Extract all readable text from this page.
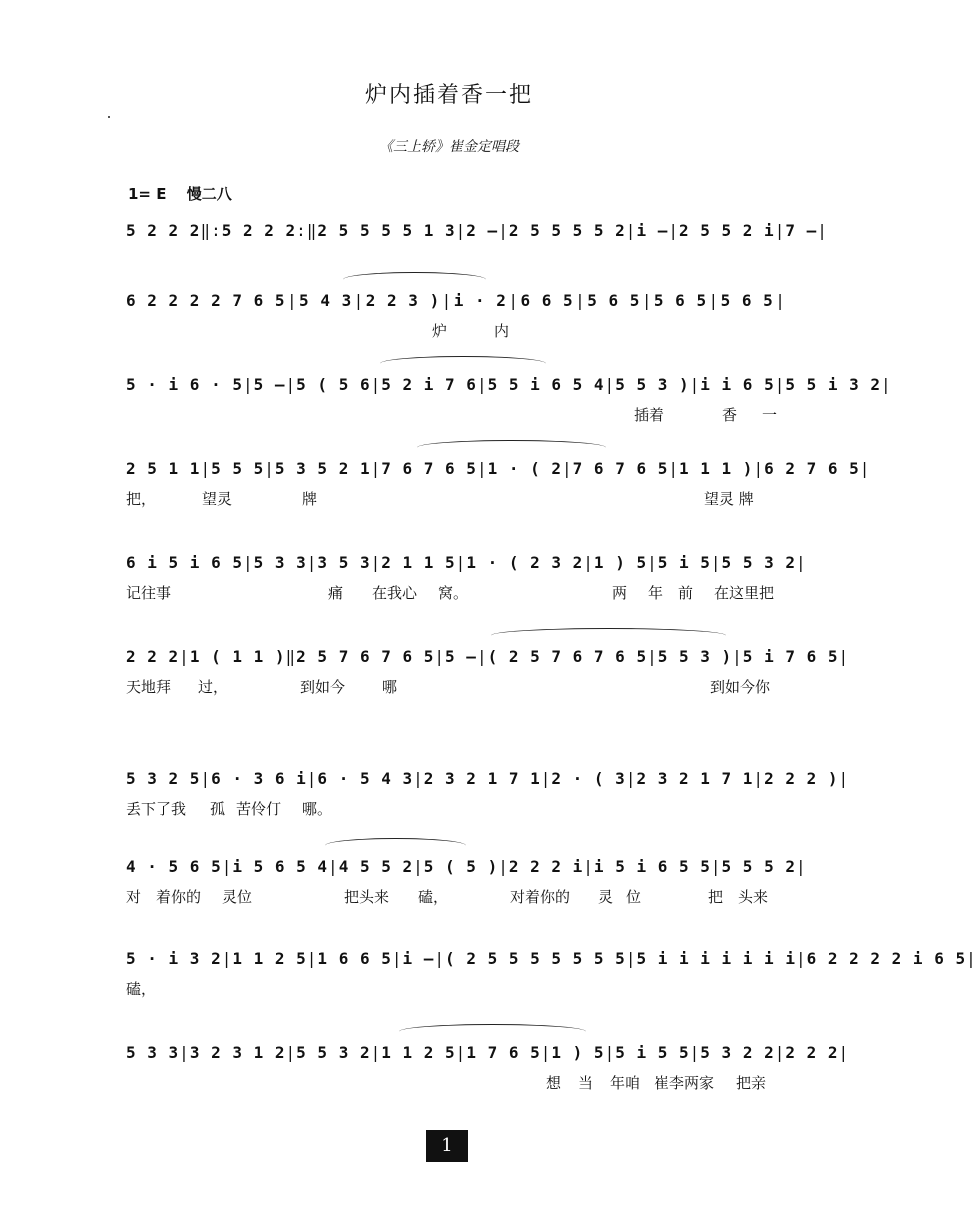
炉内插着香一把
《三上轿》崔金定唱段
1= E　 慢二八
5 2 2 2 ‖: 5 2 2 2 :‖ 2 5 5 5 5 1 3 | 2 — | 2 5 5 5 5 2 | i — | 2 5 5 2 i | 7 — |
6 2 2 2 2 7 6 5 | 5 4 3 | 2 2 3 ) | i · 2 | 6 6 5 | 5 6 5 | 5 6 5 | 5 6 5 |
炉	内
5 · i 6 · 5 | 5 — | 5 ( 5 6 | 5 2 i 7 6 | 5 5 i 6 5 4 | 5 5 3 ) | i i 6 5 | 5 5 i 3 2 |
插着	香 一
2 5 1 1 | 5 5 5 | 5 3 5 2 1 | 7 6 7 6 5 | 1 · ( 2 | 7 6 7 6 5 | 1 1 1 ) | 6 2 7 6 5 |
把，	望灵	牌	望灵 牌
6 i 5 i 6 5 | 5 3 3 | 3 5 3 | 2 1 1 5 | 1 · ( 2 3 2 | 1 ) 5 | 5 i 5 | 5 5 3 2 |
记往事	痛 在我心 窝。	两 年 前 在这里把
2 2 2 | 1 ( 1 1 ) ‖ 2 5 7 6 7 6 5 | 5 — | ( 2 5 7 6 7 6 5 | 5 5 3 ) | 5 i 7 6 5 |
天地拜 过，	到如今 哪	到如今你
5 3 2 5 | 6 · 3 6 i | 6 · 5 4 3 | 2 3 2 1 7 1 | 2 · ( 3 | 2 3 2 1 7 1 | 2 2 2 ) |
丢下了我 孤 苦伶仃 哪。
4 · 5 6 5 | i 5 6 5 4 | 4 5 5 2 | 5 ( 5 ) | 2 2 2 i | i 5 i 6 5 5 | 5 5 5 2 |
对 着你的 灵位	把头来 磕，	对着你的 灵 位	把 头来
5 · i 3 2 | 1 1 2 5 | 1 6 6 5 | i — | ( 2 5 5 5 5 5 5 5 | 5 i i i i i i i | 6 2 2 2 2 i 6 5 |
磕，
5 3 3 | 3 2 3 1 2 | 5 5 3 2 | 1 1 2 5 | 1 7 6 5 | 1 ) 5 | 5 i 5 5 | 5 3 2 2 | 2 2 2 |
想 当 年咱 崔李两家 把亲
1
